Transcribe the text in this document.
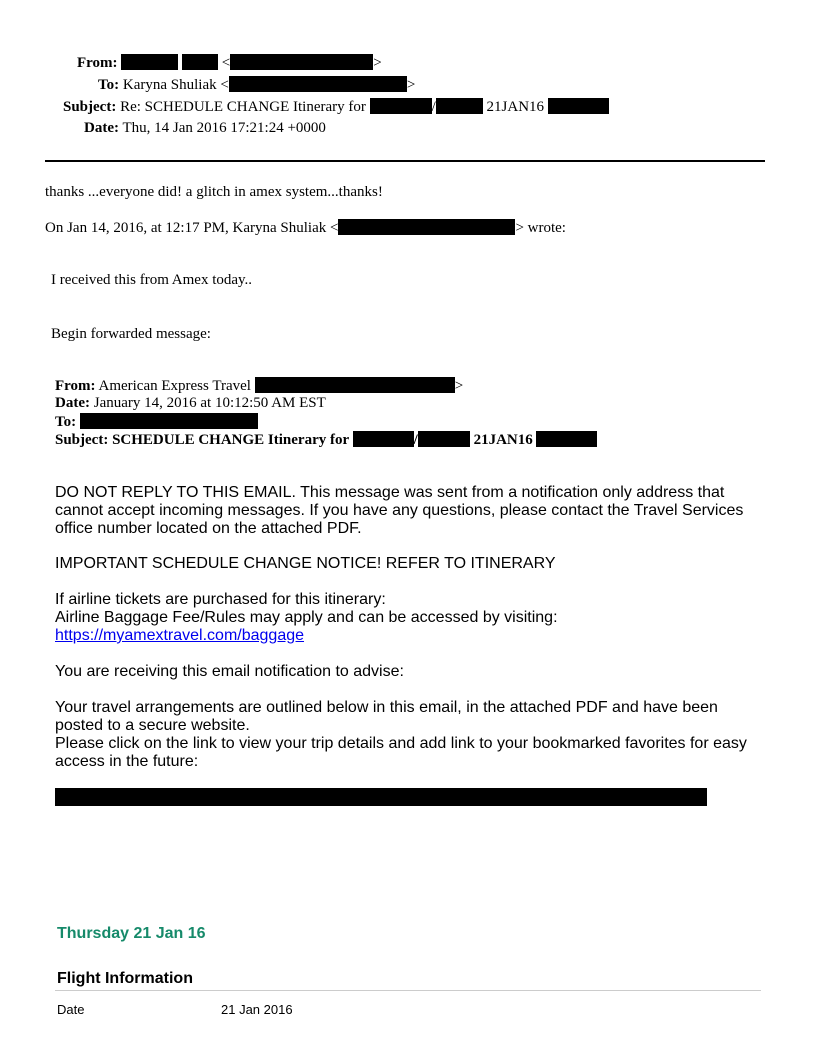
From:	<	>
To: Karyna Shuliak <	>
Subject: Re: SCHEDULE CHANGE Itinerary for	/	21JAN16
Date: Thu, 14 Jan 2016 17:21:24 +0000
thanks ...everyone did! a glitch in amex system...thanks!
On Jan 14, 2016, at 12:17 PM, Karyna Shuliak <	> wrote:
I received this from Amex today..
Begin forwarded message:
From: American Express Travel	>
Date: January 14, 2016 at 10:12:50 AM EST
To:
Subject: SCHEDULE CHANGE Itinerary for	/	21JAN16
DO NOT REPLY TO THIS EMAIL. This message was sent from a notification only address that
cannot accept incoming messages. If you have any questions, please contact the Travel Services
office number located on the attached PDF.
IMPORTANT SCHEDULE CHANGE NOTICE! REFER TO ITINERARY
If airline tickets are purchased for this itinerary:
Airline Baggage Fee/Rules may apply and can be accessed by visiting:
https://myamextravel.com/baggage
You are receiving this email notification to advise:
Your travel arrangements are outlined below in this email, in the attached PDF and have been
posted to a secure website.
Please click on the link to view your trip details and add link to your bookmarked favorites for easy
access in the future:
Thursday 21 Jan 16
Flight Information
Date	21 Jan 2016
